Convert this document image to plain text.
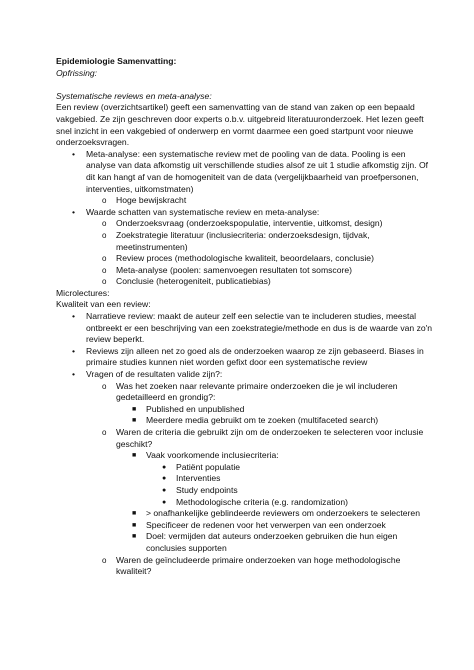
Epidemiologie Samenvatting:

Opfrissing:

Systematische reviews en meta-analyse:

Een review (overzichtsartikel) geeft een samenvatting van de stand van zaken op een bepaald vakgebied. Ze zijn geschreven door experts o.b.v. uitgebreid literatuuronderzoek. Het lezen geeft snel inzicht in een vakgebied of onderwerp en vormt daarmee een goed startpunt voor nieuwe onderzoeksvragen.

• Meta-analyse: een systematische review met de pooling van de data. Pooling is een analyse van data afkomstig uit verschillende studies alsof ze uit 1 studie afkomstig zijn. Of dit kan hangt af van de homogeniteit van de data (vergelijkbaarheid van proefpersonen, interventies, uitkomstmaten)
o Hoge bewijskracht
• Waarde schatten van systematische review en meta-analyse:
o Onderzoeksvraag (onderzoekspopulatie, interventie, uitkomst, design)
o Zoekstrategie literatuur (inclusiecriteria: onderzoeksdesign, tijdvak, meetinstrumenten)
o Review proces (methodologische kwaliteit, beoordelaars, conclusie)
o Meta-analyse (poolen: samenvoegen resultaten tot somscore)
o Conclusie (heterogeniteit, publicatiebias)

Microlectures:

Kwaliteit van een review:

• Narratieve review: maakt de auteur zelf een selectie van te includeren studies, meestal ontbreekt er een beschrijving van een zoekstrategie/methode en dus is de waarde van zo'n review beperkt.
• Reviews zijn alleen net zo goed als de onderzoeken waarop ze zijn gebaseerd. Biases in primaire studies kunnen niet worden gefixt door een systematische review
• Vragen of de resultaten valide zijn?:
o Was het zoeken naar relevante primaire onderzoeken die je wil includeren gedetailleerd en grondig?:
■ Published en unpublished
■ Meerdere media gebruikt om te zoeken (multifaceted search)
o Waren de criteria die gebruikt zijn om de onderzoeken te selecteren voor inclusie geschikt?
■ Vaak voorkomende inclusiecriteria:
● Patiënt populatie
● Interventies
● Study endpoints
● Methodologische criteria (e.g. randomization)
■ > onafhankelijke geblindeerde reviewers om onderzoekers te selecteren
■ Specificeer de redenen voor het verwerpen van een onderzoek
■ Doel: vermijden dat auteurs onderzoeken gebruiken die hun eigen conclusies supporten
o Waren de geïncludeerde primaire onderzoeken van hoge methodologische kwaliteit?
